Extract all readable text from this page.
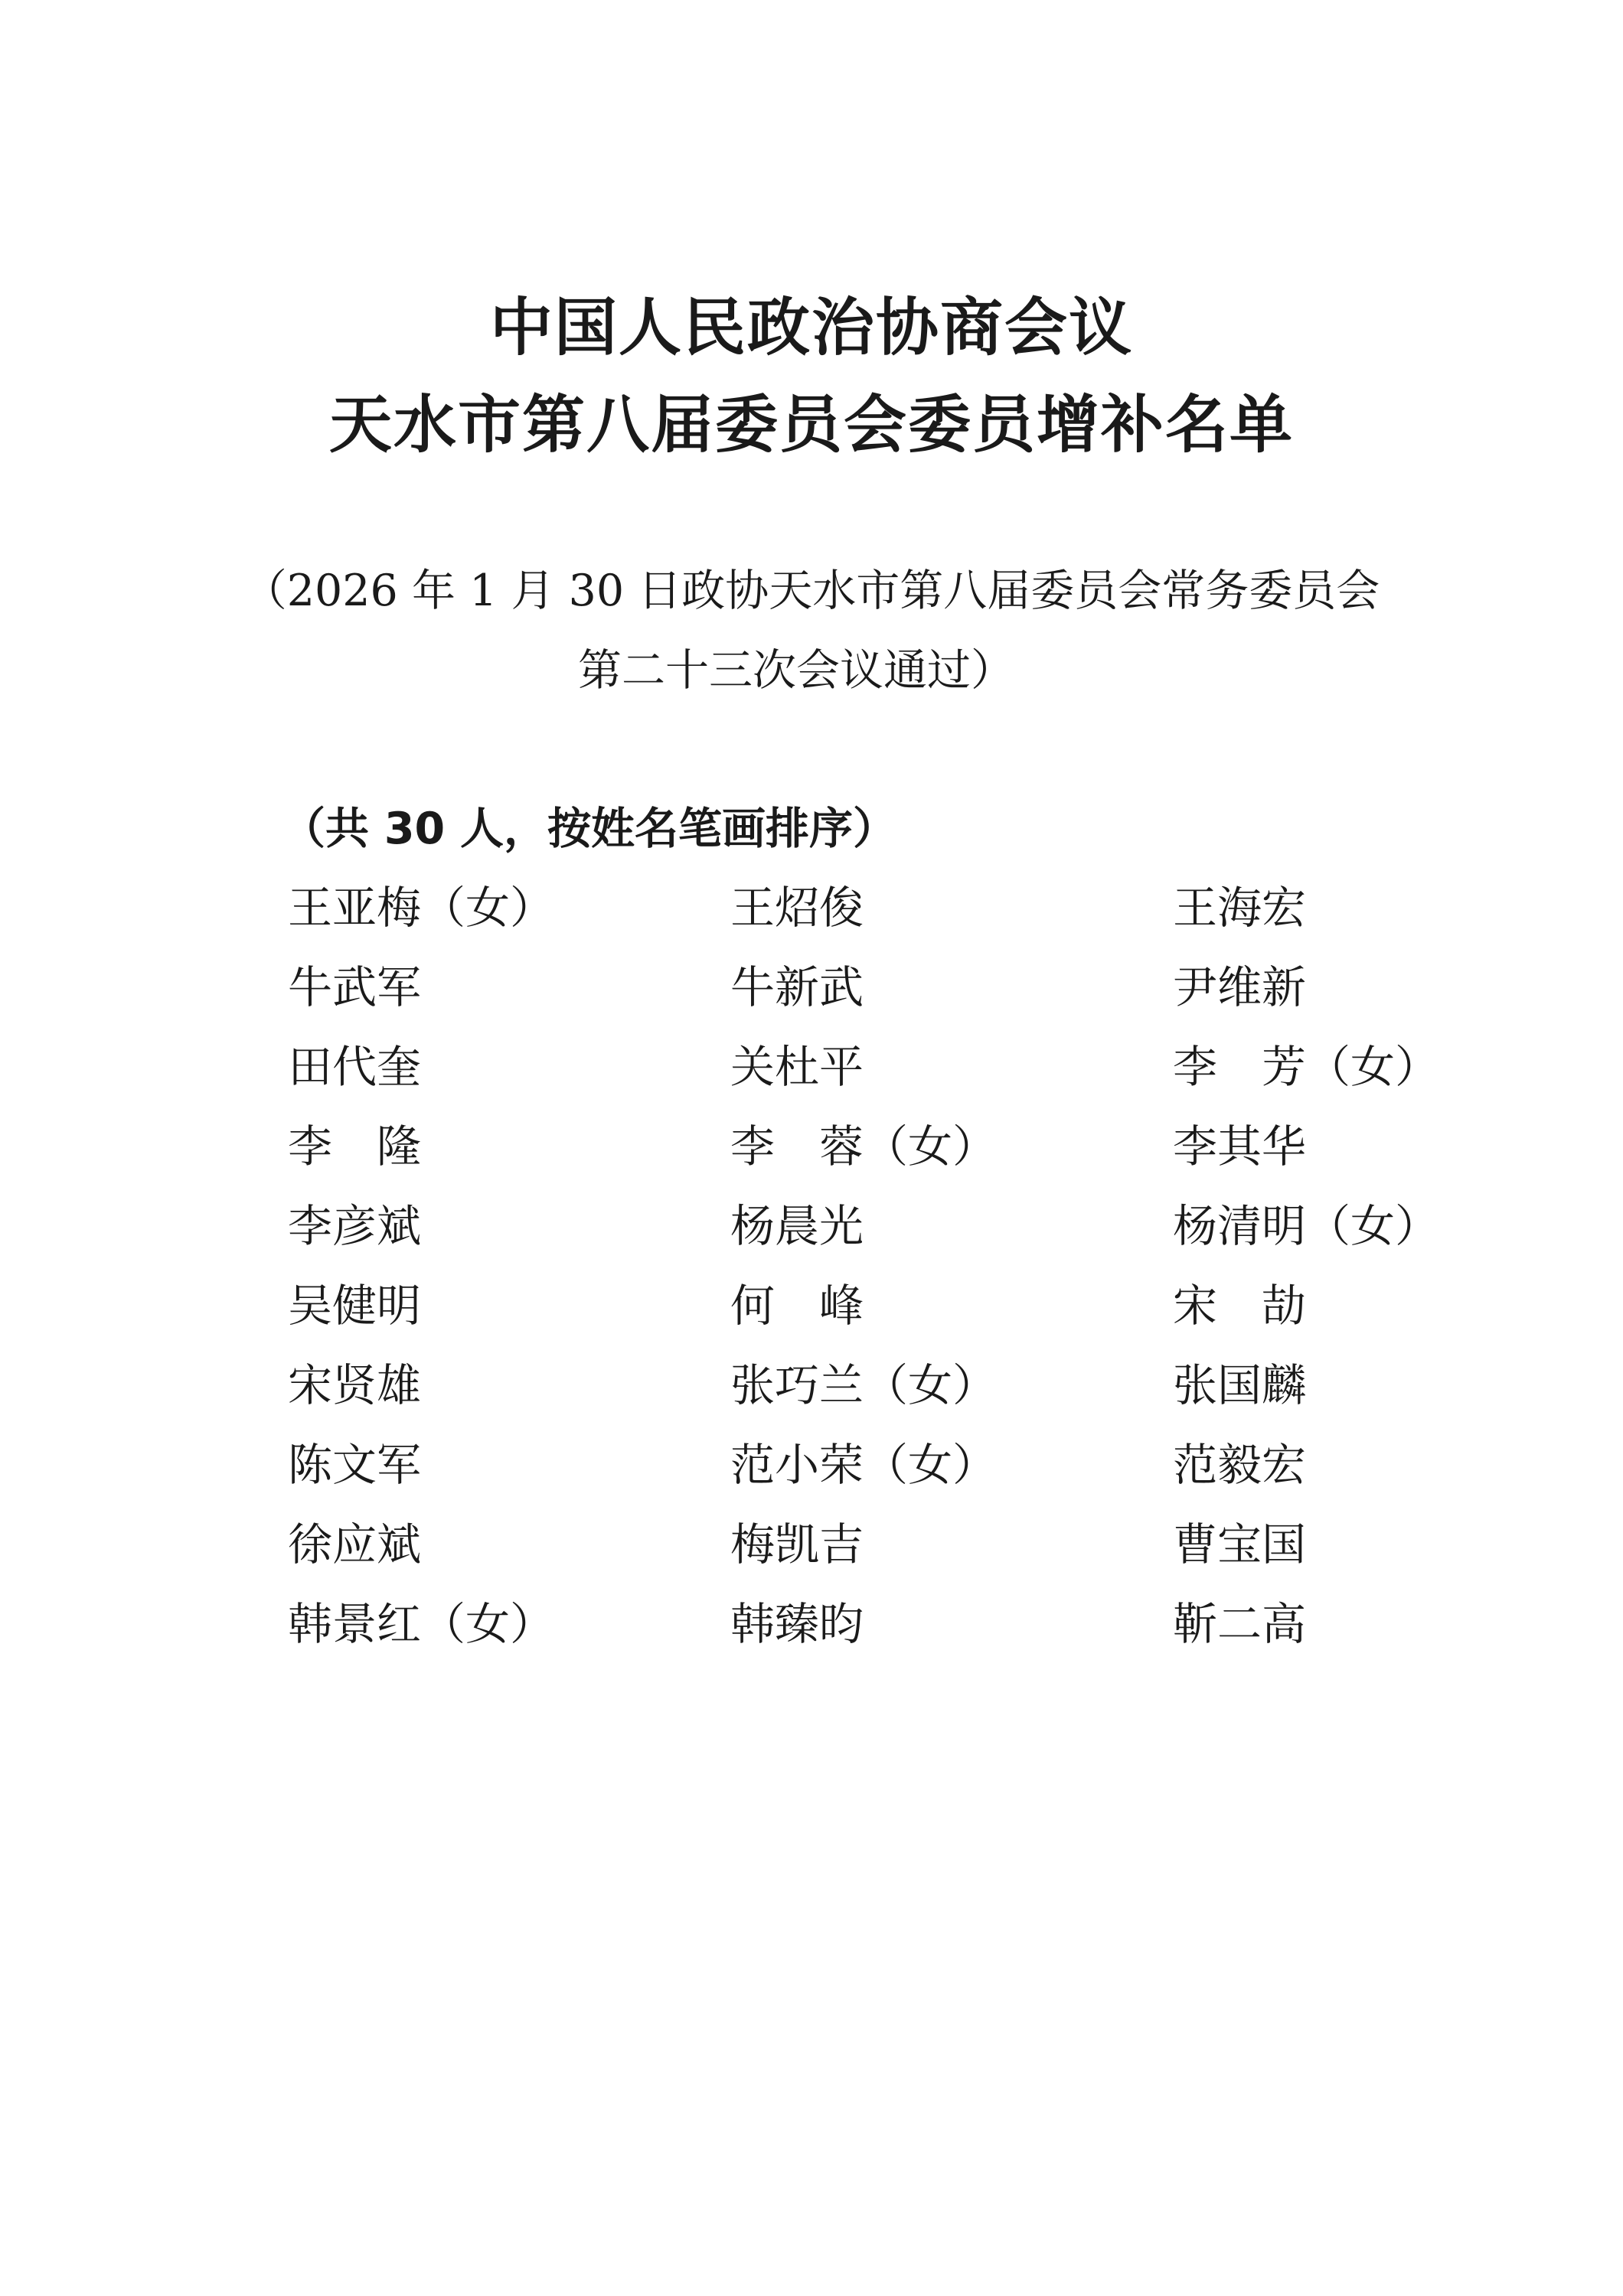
中国人民政治协商会议
天水市第八届委员会委员增补名单
（2026 年 1 月 30 日政协天水市第八届委员会常务委员会
第二十三次会议通过）
（共 30 人，按姓名笔画排序）
王亚梅（女）	王炤俊	王海宏
牛武军	牛新武	尹维新
田代奎	关杜平	李　芳（女）
李　隆	李　蓉（女）	李其华
李彦斌	杨晨光	杨清明（女）
吴健明	何　峰	宋　劼
宋贤雄	张巧兰（女）	张国麟
陈文军	范小荣（女）	范毅宏
徐应斌	梅凯吉	曹宝国
韩景红（女）	韩臻昀	靳二高
